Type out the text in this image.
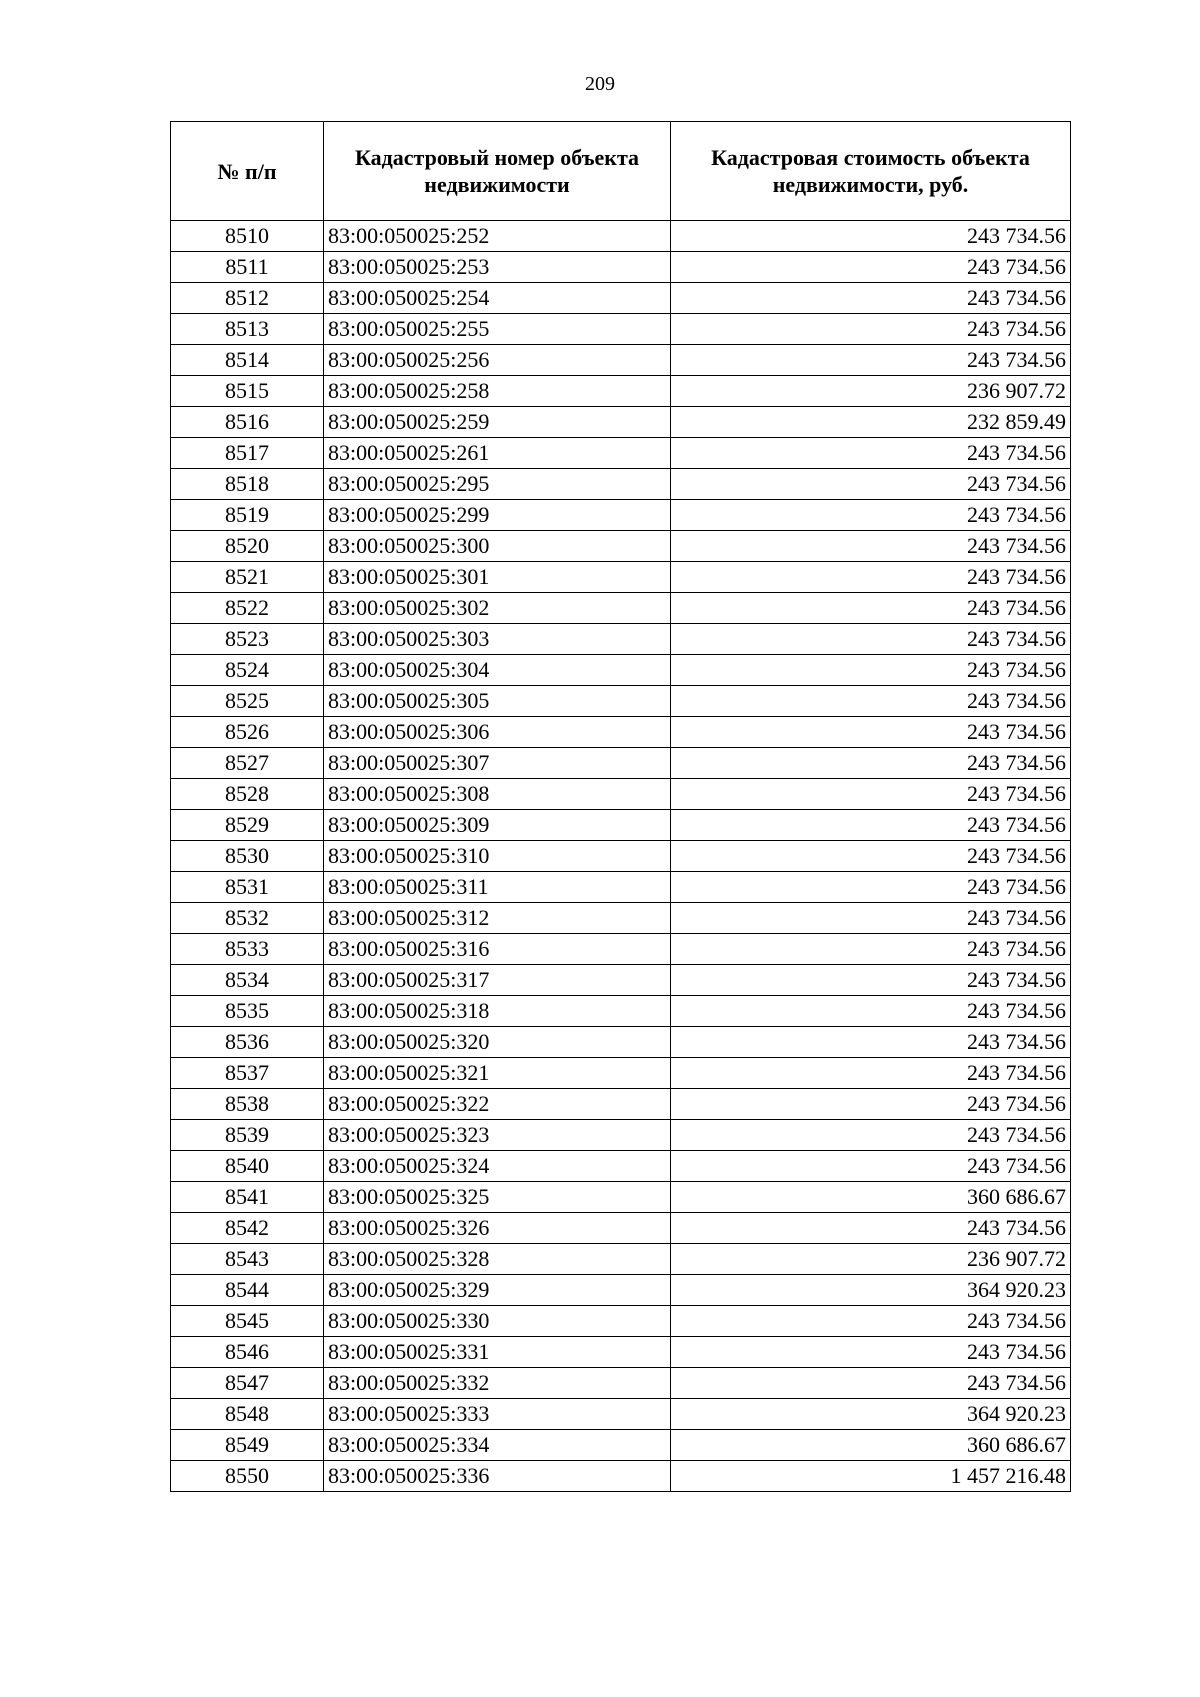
209
№ п/п	Кадастровый номер объекта недвижимости	Кадастровая стоимость объекта недвижимости, руб.
8510	83:00:050025:252	243 734.56
8511	83:00:050025:253	243 734.56
8512	83:00:050025:254	243 734.56
8513	83:00:050025:255	243 734.56
8514	83:00:050025:256	243 734.56
8515	83:00:050025:258	236 907.72
8516	83:00:050025:259	232 859.49
8517	83:00:050025:261	243 734.56
8518	83:00:050025:295	243 734.56
8519	83:00:050025:299	243 734.56
8520	83:00:050025:300	243 734.56
8521	83:00:050025:301	243 734.56
8522	83:00:050025:302	243 734.56
8523	83:00:050025:303	243 734.56
8524	83:00:050025:304	243 734.56
8525	83:00:050025:305	243 734.56
8526	83:00:050025:306	243 734.56
8527	83:00:050025:307	243 734.56
8528	83:00:050025:308	243 734.56
8529	83:00:050025:309	243 734.56
8530	83:00:050025:310	243 734.56
8531	83:00:050025:311	243 734.56
8532	83:00:050025:312	243 734.56
8533	83:00:050025:316	243 734.56
8534	83:00:050025:317	243 734.56
8535	83:00:050025:318	243 734.56
8536	83:00:050025:320	243 734.56
8537	83:00:050025:321	243 734.56
8538	83:00:050025:322	243 734.56
8539	83:00:050025:323	243 734.56
8540	83:00:050025:324	243 734.56
8541	83:00:050025:325	360 686.67
8542	83:00:050025:326	243 734.56
8543	83:00:050025:328	236 907.72
8544	83:00:050025:329	364 920.23
8545	83:00:050025:330	243 734.56
8546	83:00:050025:331	243 734.56
8547	83:00:050025:332	243 734.56
8548	83:00:050025:333	364 920.23
8549	83:00:050025:334	360 686.67
8550	83:00:050025:336	1 457 216.48
